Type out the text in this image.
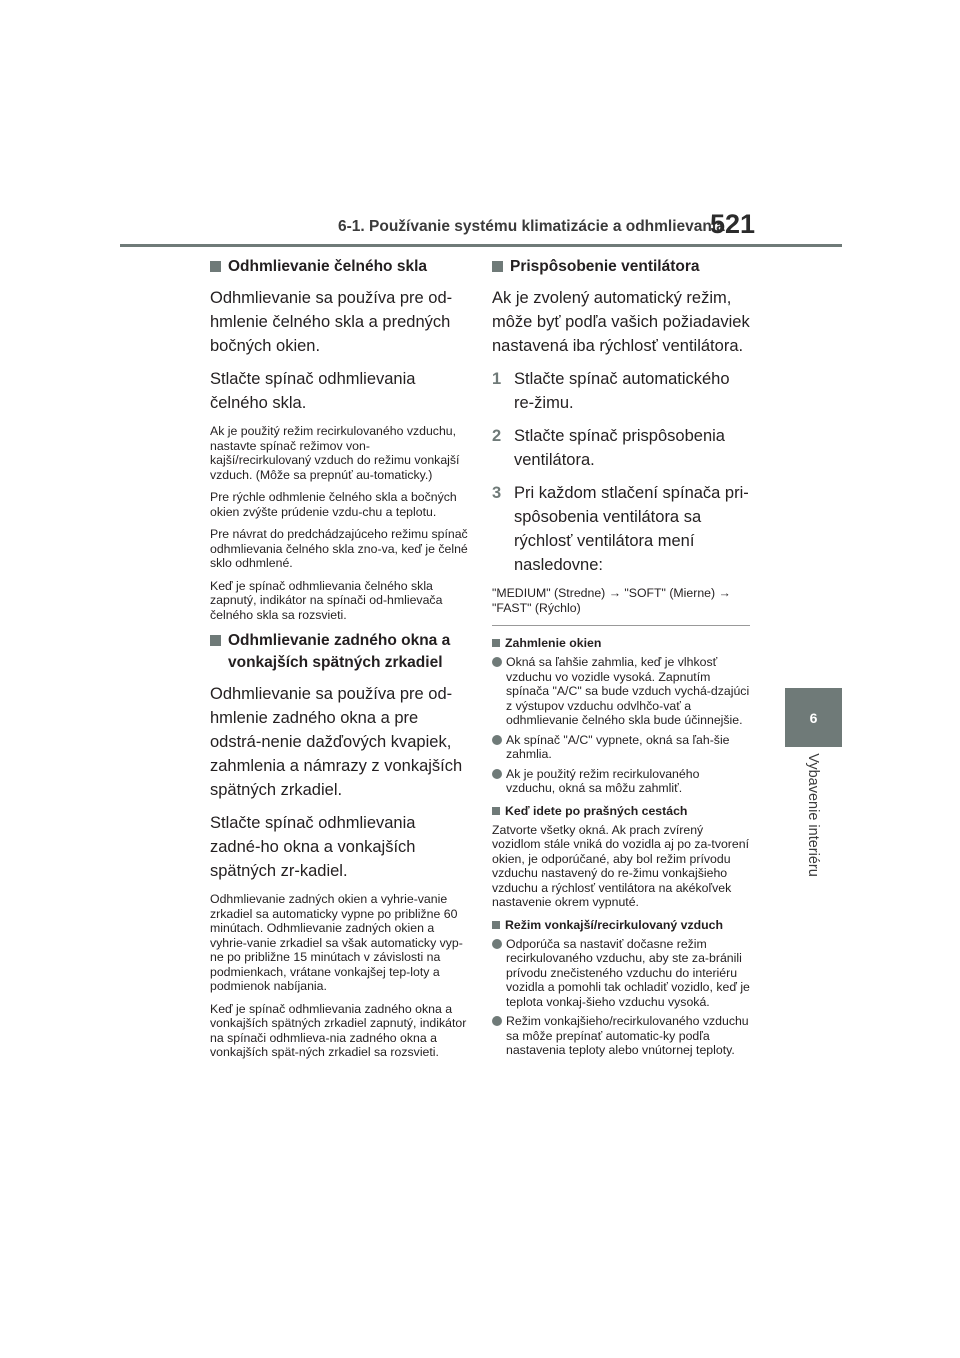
6-1. Používanie systému klimatizácie a odhmlievania
521
6
Vybavenie interiéru
Odhmlievanie čelného skla

Odhmlievanie sa používa pre od-hmlenie čelného skla a predných bočných okien.

Stlačte spínač odhmlievania čelného skla.

Ak je použitý režim recirkulovaného vzduchu, nastavte spínač režimov von-kajší/recirkulovaný vzduch do režimu vonkajší vzduch. (Môže sa prepnúť au-tomaticky.)

Pre rýchle odhmlenie čelného skla a bočných okien zvýšte prúdenie vzdu-chu a teplotu.

Pre návrat do predchádzajúceho režimu spínač odhmlievania čelného skla zno-va, keď je čelné sklo odhmlené.

Keď je spínač odhmlievania čelného skla zapnutý, indikátor na spínači od-hmlievača čelného skla sa rozsvieti.

Odhmlievanie zadného okna a vonkajších spätných zrkadiel

Odhmlievanie sa používa pre od-hmlenie zadného okna a pre odstrá-nenie dažďových kvapiek, zahmlenia a námrazy z vonkajších spätných zrkadiel.

Stlačte spínač odhmlievania zadné-ho okna a vonkajších spätných zr-kadiel.

Odhmlievanie zadných okien a vyhrie-vanie zrkadiel sa automaticky vypne po približne 60 minútach. Odhmlievanie zadných okien a vyhrie-vanie zrkadiel sa však automaticky vyp-ne po približne 15 minútach v závislosti na podmienkach, vrátane vonkajšej tep-loty a podmienok nabíjania.

Keď je spínač odhmlievania zadného okna a vonkajších spätných zrkadiel zapnutý, indikátor na spínači odhmlieva-nia zadného okna a vonkajších spät-ných zrkadiel sa rozsvieti.

Prispôsobenie ventilátora

Ak je zvolený automatický režim, môže byť podľa vašich požiadaviek nastavená iba rýchlosť ventilátora.

1 Stlačte spínač automatického re-žimu.
2 Stlačte spínač prispôsobenia ventilátora.
3 Pri každom stlačení spínača pri-spôsobenia ventilátora sa rýchlosť ventilátora mení nasledovne:

"MEDIUM" (Stredne) → "SOFT" (Mierne) → "FAST" (Rýchlo)

Zahmlenie okien
Okná sa ľahšie zahmlia, keď je vlhkosť vzduchu vo vozidle vysoká. Zapnutím spínača "A/C" sa bude vzduch vychá-dzajúci z výstupov vzduchu odvlhčo-vať a odhmlievanie čelného skla bude účinnejšie.
Ak spínač "A/C" vypnete, okná sa ľah-šie zahmlia.
Ak je použitý režim recirkulovaného vzduchu, okná sa môžu zahmliť.
Keď idete po prašných cestách

Zatvorte všetky okná. Ak prach zvírený vozidlom stále vniká do vozidla aj po za-tvorení okien, je odporúčané, aby bol režim prívodu vzduchu nastavený do re-žimu vonkajšieho vzduchu a rýchlosť ventilátora na akékoľvek nastavenie okrem vypnuté.

Režim vonkajší/recirkulovaný vzduch
Odporúča sa nastaviť dočasne režim recirkulovaného vzduchu, aby ste za-bránili prívodu znečisteného vzduchu do interiéru vozidla a pomohli tak ochladiť vozidlo, keď je teplota vonkaj-šieho vzduchu vysoká.
Režim vonkajšieho/recirkulovaného vzduchu sa môže prepínať automatic-ky podľa nastavenia teploty alebo vnútornej teploty.
